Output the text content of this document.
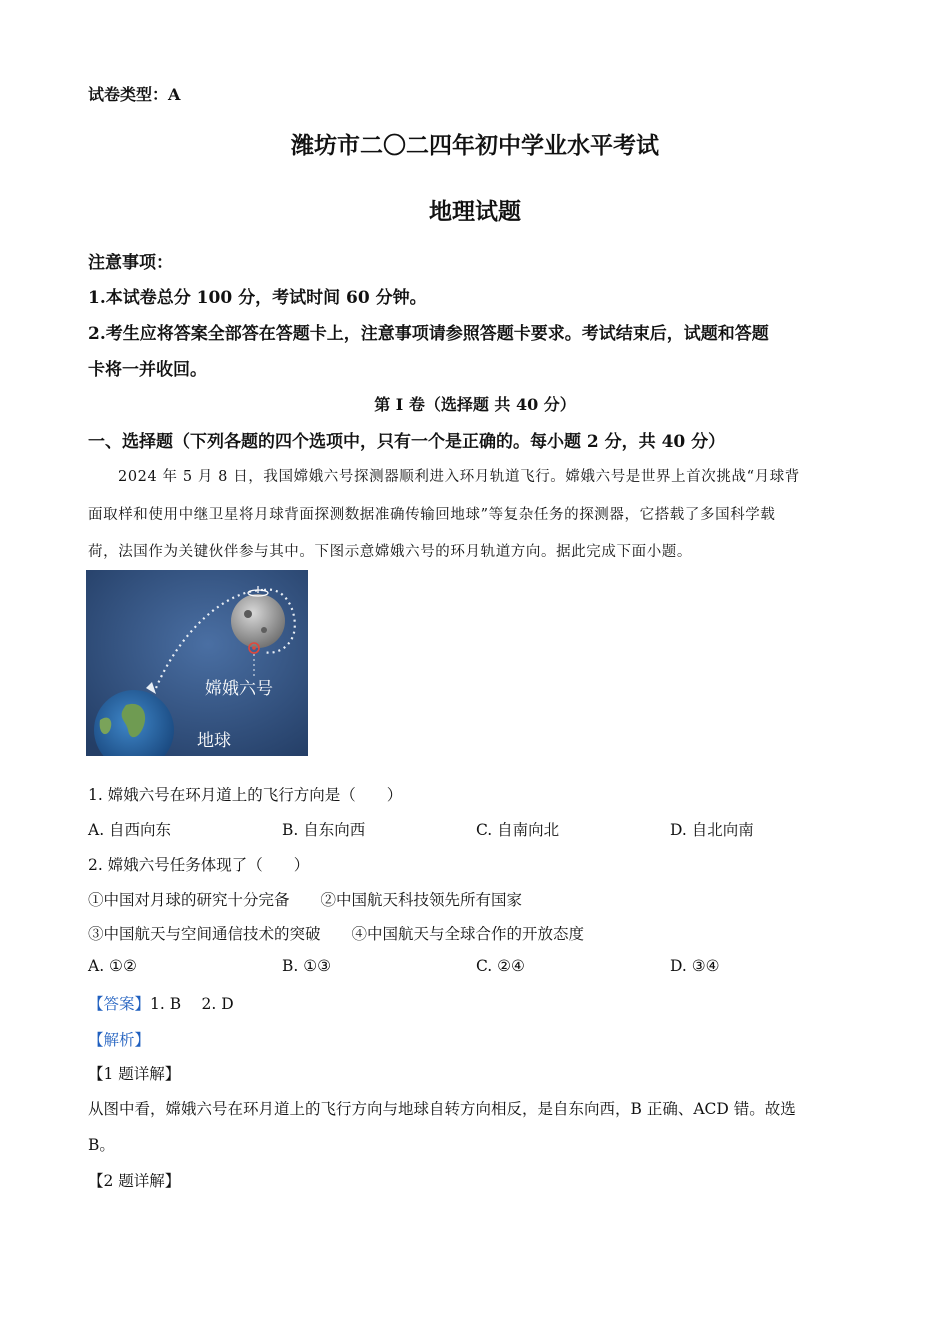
试卷类型：A
潍坊市二〇二四年初中学业水平考试
地理试题
注意事项：
1.本试卷总分 100 分，考试时间 60 分钟。
2.考生应将答案全部答在答题卡上，注意事项请参照答题卡要求。考试结束后，试题和答题
卡将一并收回。
第 I 卷（选择题 共 40 分）
一、选择题（下列各题的四个选项中，只有一个是正确的。每小题 2 分，共 40 分）
2024 年 5 月 8 日，我国嫦娥六号探测器顺利进入环月轨道飞行。嫦娥六号是世界上首次挑战“月球背
面取样和使用中继卫星将月球背面探测数据准确传输回地球”等复杂任务的探测器，它搭载了多国科学载
荷，法国作为关键伙伴参与其中。下图示意嫦娥六号的环月轨道方向。据此完成下面小题。
嫦娥六号
地球
1. 嫦娥六号在环月道上的飞行方向是（　　）
A. 自西向东	B. 自东向西	C. 自南向北	D. 自北向南
2. 嫦娥六号任务体现了（　　）
①中国对月球的研究十分完备　　②中国航天科技领先所有国家
③中国航天与空间通信技术的突破　　④中国航天与全球合作的开放态度
A. ①②	B. ①③	C. ②④	D. ③④
【答案】1. B　 2. D
【解析】
【1 题详解】
从图中看，嫦娥六号在环月道上的飞行方向与地球自转方向相反，是自东向西，B 正确、ACD 错。故选
B。
【2 题详解】
